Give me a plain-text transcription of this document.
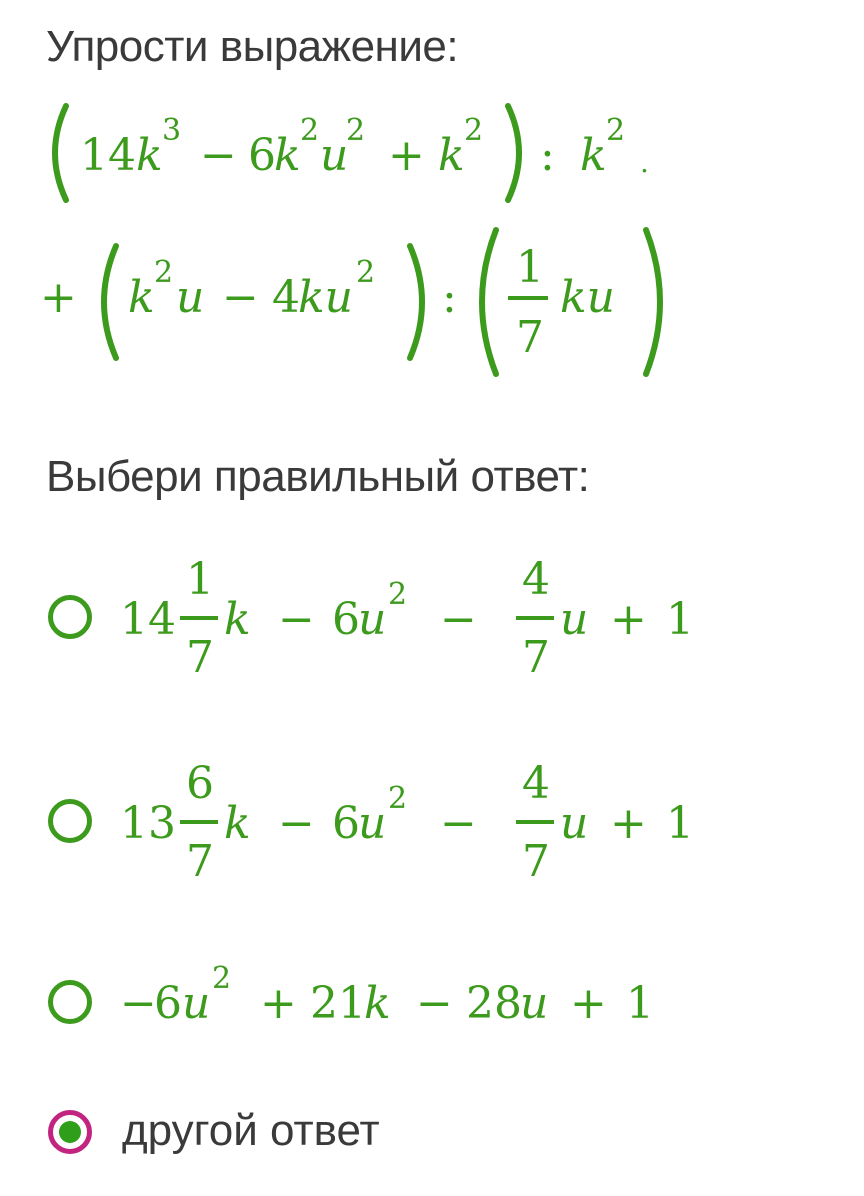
Упрости выражение:
14 k 3 − 6
k 2 u
2 + k 2 : k 2
.
+ k 2 u − 4
ku 2 :
1
7
ku
Выбери правильный ответ:
14
1
7
k − 6
u 2 −
4
7
u + 1
13
6
7
k − 6
u 2 −
4
7
u + 1
−
6 u 2 + 21
k − 28
u + 1
другой ответ
